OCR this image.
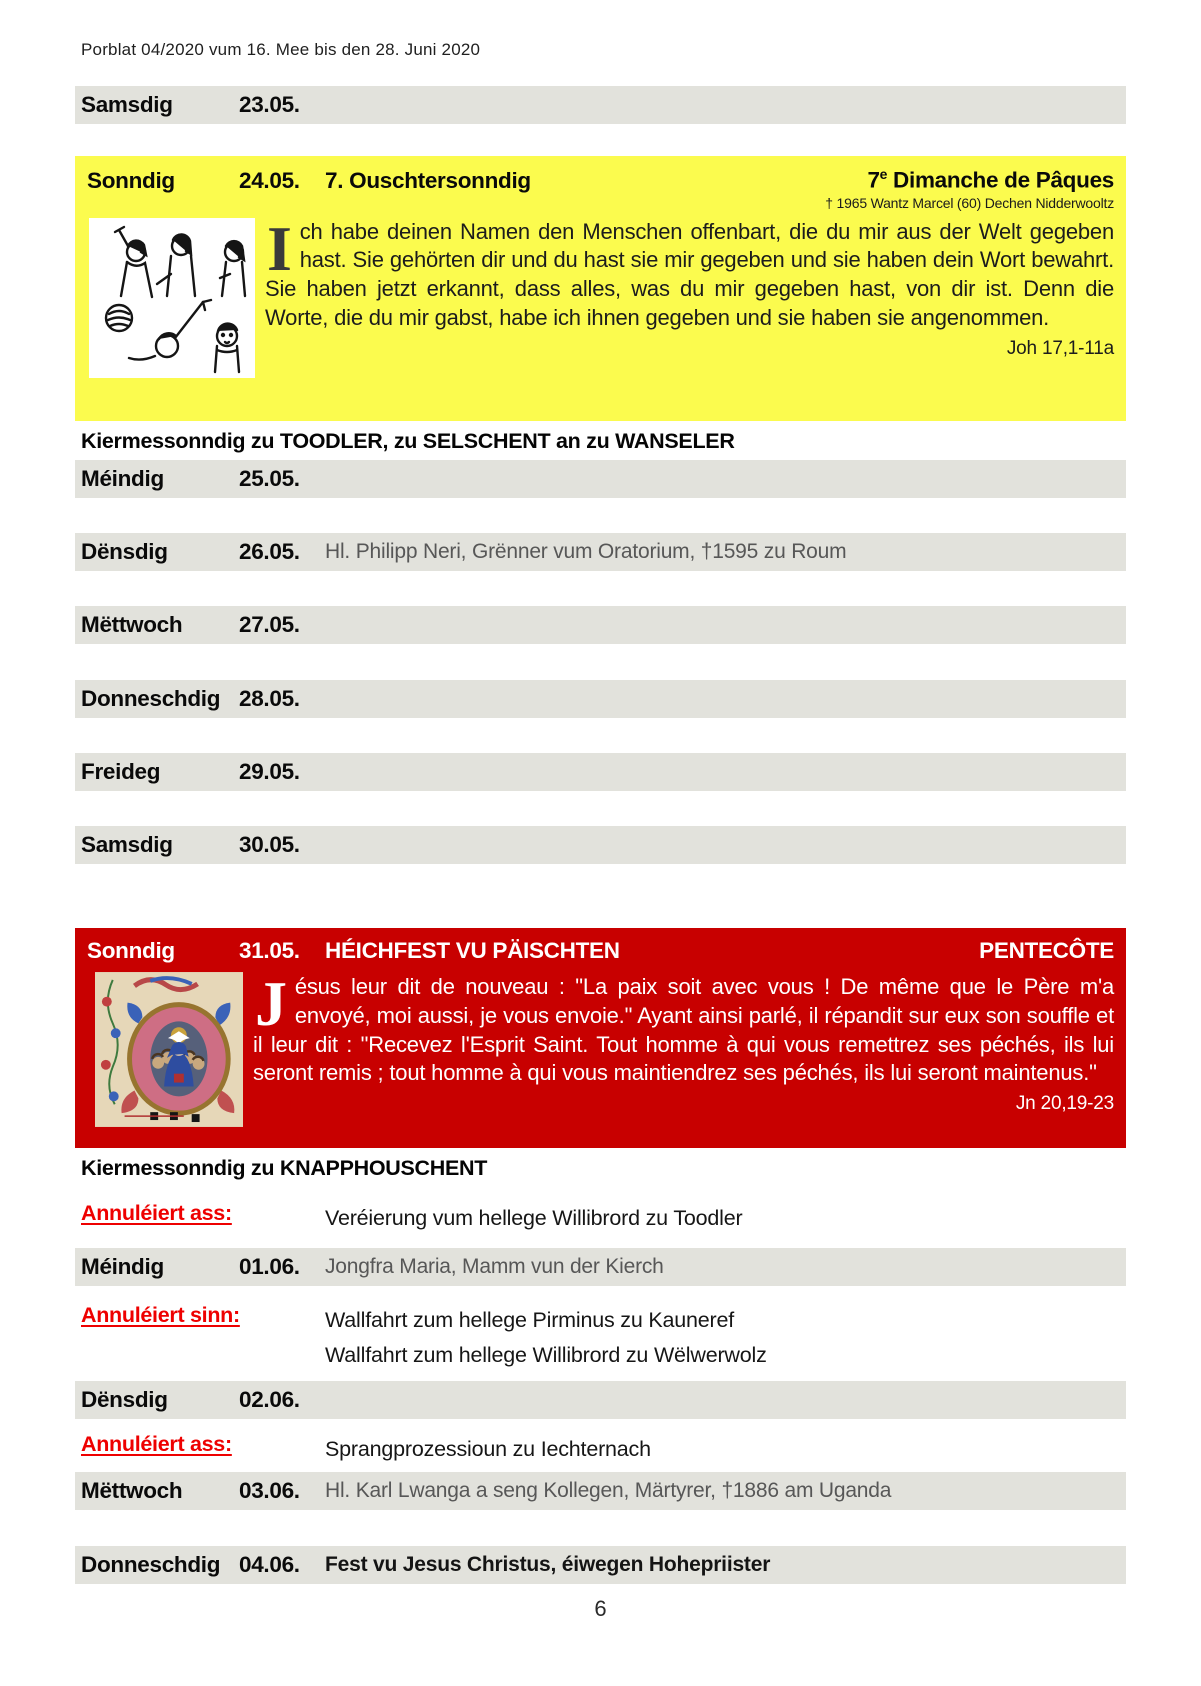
Porblat 04/2020 vum 16. Mee bis den 28. Juni 2020
Samsdig	23.05.
Sonndig	24.05.	7. Ouschtersonndig	7e Dimanche de Pâques
† 1965 Wantz Marcel (60) Dechen Nidderwooltz
Ich habe deinen Namen den Menschen offenbart, die du mir aus der Welt gegeben hast. Sie gehörten dir und du hast sie mir gegeben und sie haben dein Wort bewahrt. Sie haben jetzt erkannt, dass alles, was du mir gegeben hast, von dir ist. Denn die Worte, die du mir gabst, habe ich ihnen gegeben und sie haben sie angenommen.
Joh 17,1-11a
Kiermessonndig zu TOODLER, zu SELSCHENT an zu WANSELER
Méindig	25.05.
Dënsdig	26.05.	Hl. Philipp Neri, Grënner vum Oratorium, †1595 zu Roum
Mëttwoch	27.05.
Donneschdig 28.05.
Freideg	29.05.
Samsdig	30.05.
Sonndig	31.05.	HÉICHFEST VU PÄISCHTEN	PENTECÔTE
Jésus leur dit de nouveau : "La paix soit avec vous ! De même que le Père m'a envoyé, moi aussi, je vous envoie." Ayant ainsi parlé, il répandit sur eux son souffle et il leur dit : "Recevez l'Esprit Saint. Tout homme à qui vous remettrez ses péchés, ils lui seront remis ; tout homme à qui vous maintiendrez ses péchés, ils lui seront maintenus."
Jn 20,19-23
Kiermessonndig zu KNAPPHOUSCHENT
Annuléiert ass:	Veréierung vum hellege Willibrord zu Toodler
Méindig	01.06.	Jongfra Maria, Mamm vun der Kierch
Annuléiert sinn:	Wallfahrt zum hellege Pirminus zu Kauneref
Wallfahrt zum hellege Willibrord zu Wëlwerwolz
Dënsdig	02.06.
Annuléiert ass:	Sprangprozessioun zu Iechternach
Mëttwoch	03.06.	Hl. Karl Lwanga a seng Kollegen, Märtyrer, †1886 am Uganda
Donneschdig 04.06.	Fest vu Jesus Christus, éiwegen Hohepriister
6
